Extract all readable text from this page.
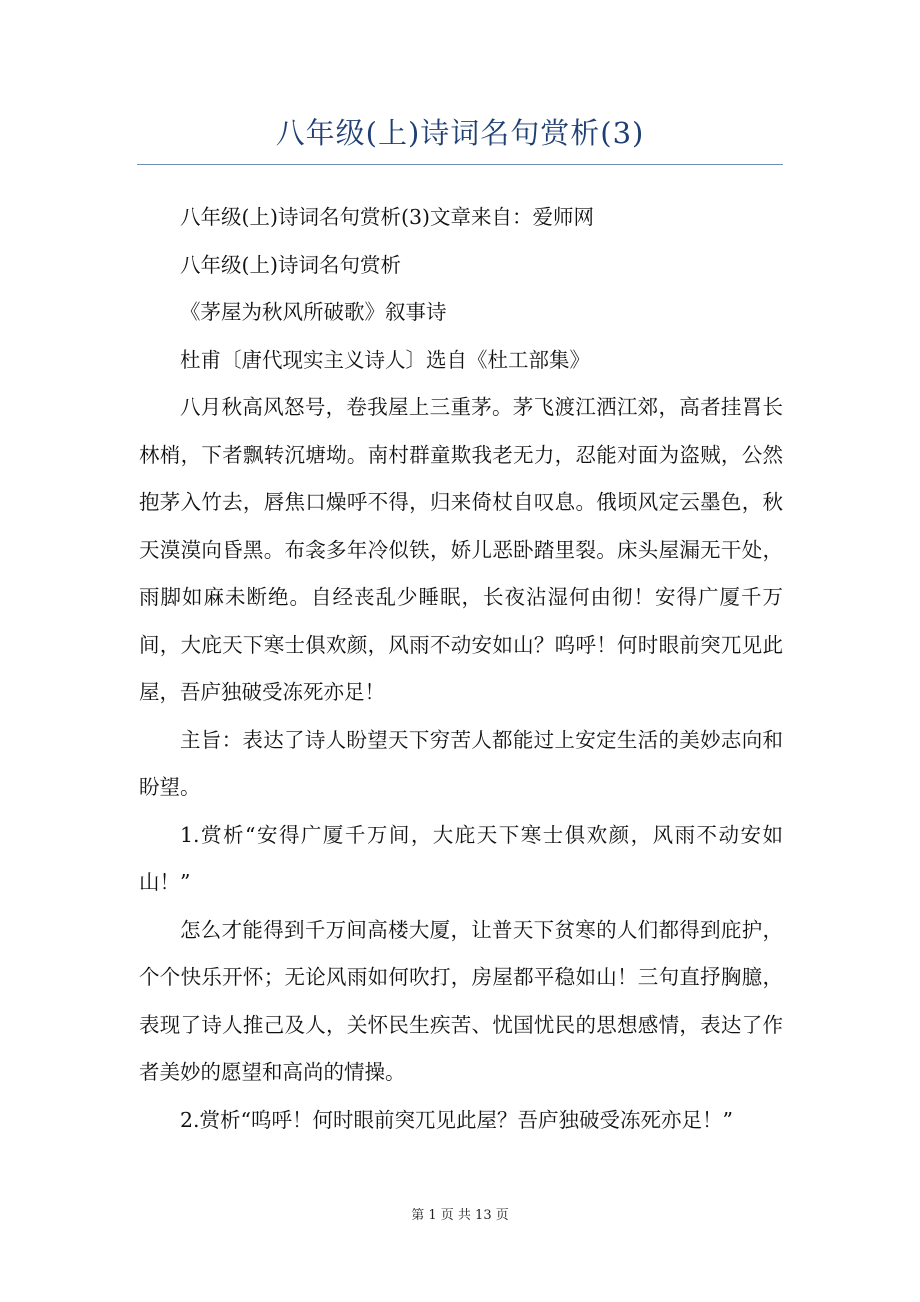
八年级(上)诗词名句赏析(3)

八年级(上)诗词名句赏析(3)文章来自：爱师网

八年级(上)诗词名句赏析

《茅屋为秋风所破歌》叙事诗

杜甫〔唐代现实主义诗人〕选自《杜工部集》

八月秋高风怒号，卷我屋上三重茅。茅飞渡江洒江郊，高者挂罥长林梢，下者飘转沉塘坳。南村群童欺我老无力，忍能对面为盗贼，公然抱茅入竹去，唇焦口燥呼不得，归来倚杖自叹息。俄顷风定云墨色，秋天漠漠向昏黑。布衾多年冷似铁，娇儿恶卧踏里裂。床头屋漏无干处，雨脚如麻未断绝。自经丧乱少睡眠，长夜沾湿何由彻！安得广厦千万间，大庇天下寒士俱欢颜，风雨不动安如山？呜呼！何时眼前突兀见此屋，吾庐独破受冻死亦足！

主旨：表达了诗人盼望天下穷苦人都能过上安定生活的美妙志向和盼望。

1.赏析“安得广厦千万间，大庇天下寒士俱欢颜，风雨不动安如山！”

怎么才能得到千万间高楼大厦，让普天下贫寒的人们都得到庇护，个个快乐开怀；无论风雨如何吹打，房屋都平稳如山！三句直抒胸臆，表现了诗人推己及人，关怀民生疾苦、忧国忧民的思想感情，表达了作者美妙的愿望和高尚的情操。

2.赏析“呜呼！何时眼前突兀见此屋？吾庐独破受冻死亦足！”

第 1 页 共 13 页
